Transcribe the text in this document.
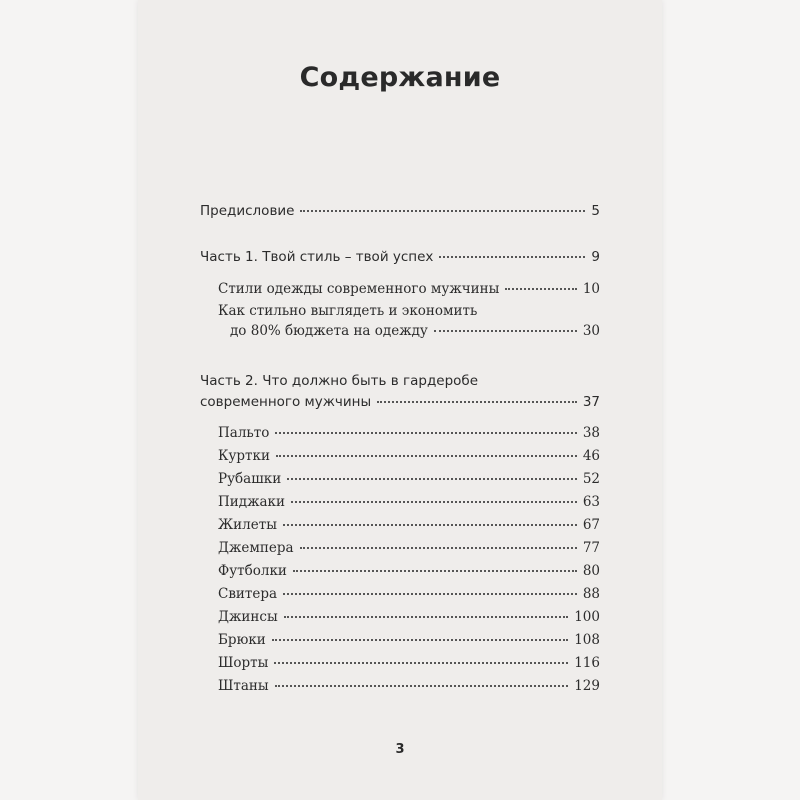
Содержание
Предисловие	5
Часть 1. Твой стиль – твой успех	9
Стили одежды современного мужчины	10
Как стильно выглядеть и экономить
до 80% бюджета на одежду	30
Часть 2. Что должно быть в гардеробе
современного мужчины	37
Пальто	38
Куртки	46
Рубашки	52
Пиджаки	63
Жилеты	67
Джемпера	77
Футболки	80
Свитера	88
Джинсы	100
Брюки	108
Шорты	116
Штаны	129
3
